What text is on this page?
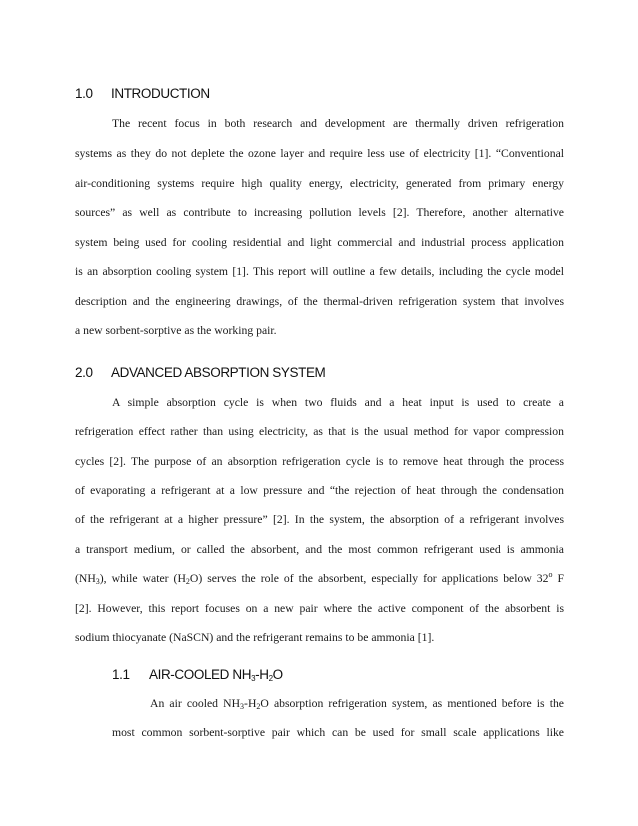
1.0 INTRODUCTION
The recent focus in both research and development are thermally driven refrigeration
systems as they do not deplete the ozone layer and require less use of electricity [1]. “Conventional
air-conditioning systems require high quality energy, electricity, generated from primary energy
sources” as well as contribute to increasing pollution levels [2]. Therefore, another alternative
system being used for cooling residential and light commercial and industrial process application
is an absorption cooling system [1]. This report will outline a few details, including the cycle model
description and the engineering drawings, of the thermal-driven refrigeration system that involves
a new sorbent-sorptive as the working pair.
2.0 ADVANCED ABSORPTION SYSTEM
A simple absorption cycle is when two fluids and a heat input is used to create a
refrigeration effect rather than using electricity, as that is the usual method for vapor compression
cycles [2]. The purpose of an absorption refrigeration cycle is to remove heat through the process
of evaporating a refrigerant at a low pressure and “the rejection of heat through the condensation
of the refrigerant at a higher pressure” [2]. In the system, the absorption of a refrigerant involves
a transport medium, or called the absorbent, and the most common refrigerant used is ammonia
$(NH_3)$, while water $(H_2O)$ serves the role of the absorbent, especially for applications below 32$^o$ F
[2]. However, this report focuses on a new pair where the active component of the absorbent is
sodium thiocyanate (NaSCN) and the refrigerant remains to be ammonia [1].
1.1 AIR-COOLED $NH_3-H_2O$
An air cooled $NH_3-H_2O$ absorption refrigeration system, as mentioned before is the
most common sorbent-sorptive pair which can be used for small scale applications like
